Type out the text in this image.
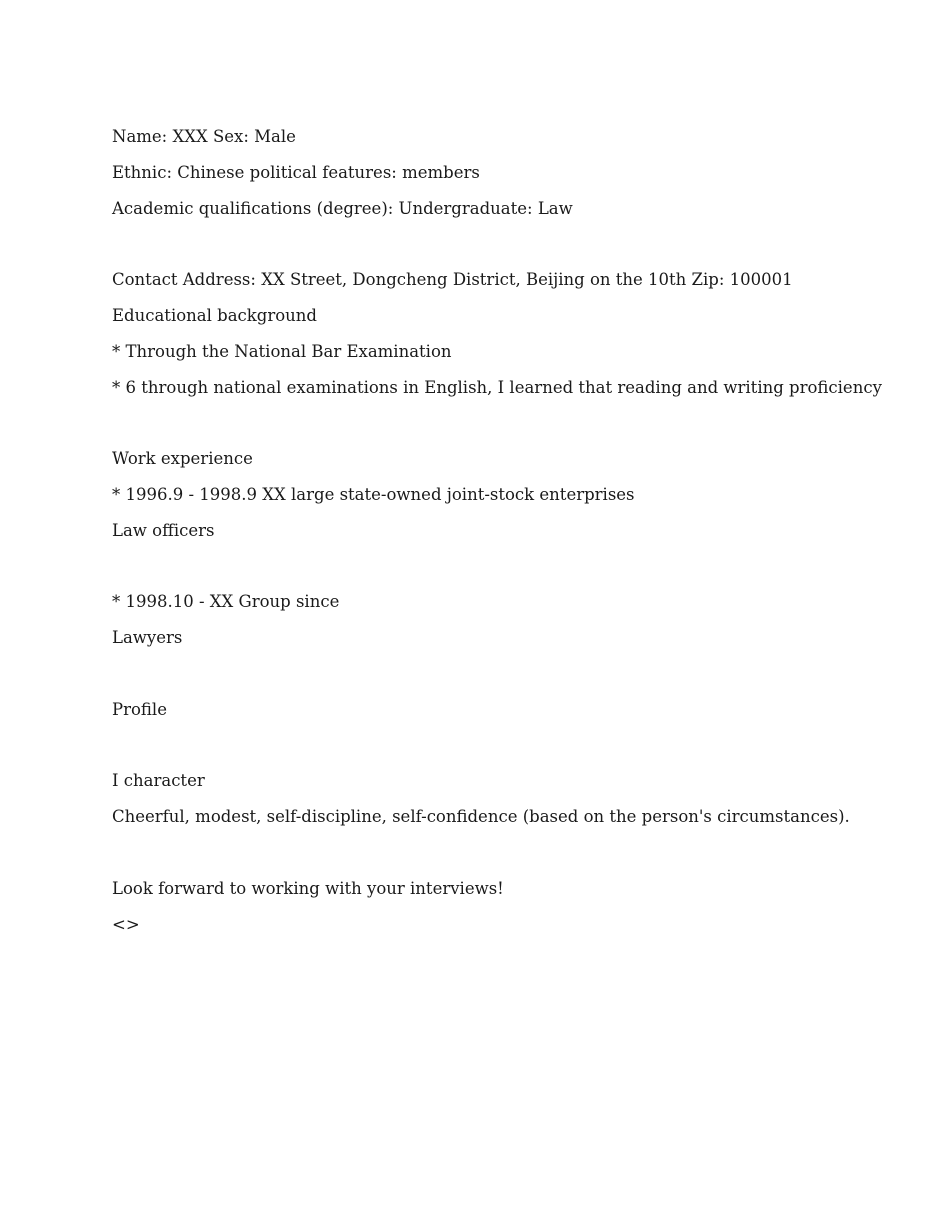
Name: XXX Sex: Male
Ethnic: Chinese political features: members
Academic qualifications (degree): Undergraduate: Law
Contact Address: XX Street, Dongcheng District, Beijing on the 10th Zip: 100001
Educational background
* Through the National Bar Examination
* 6 through national examinations in English, I learned that reading and writing proficiency
Work experience
* 1996.9 - 1998.9 XX large state-owned joint-stock enterprises
Law officers
* 1998.10 - XX Group since
Lawyers
Profile
I character
Cheerful, modest, self-discipline, self-confidence (based on the person's circumstances).
Look forward to working with your interviews!
<>
